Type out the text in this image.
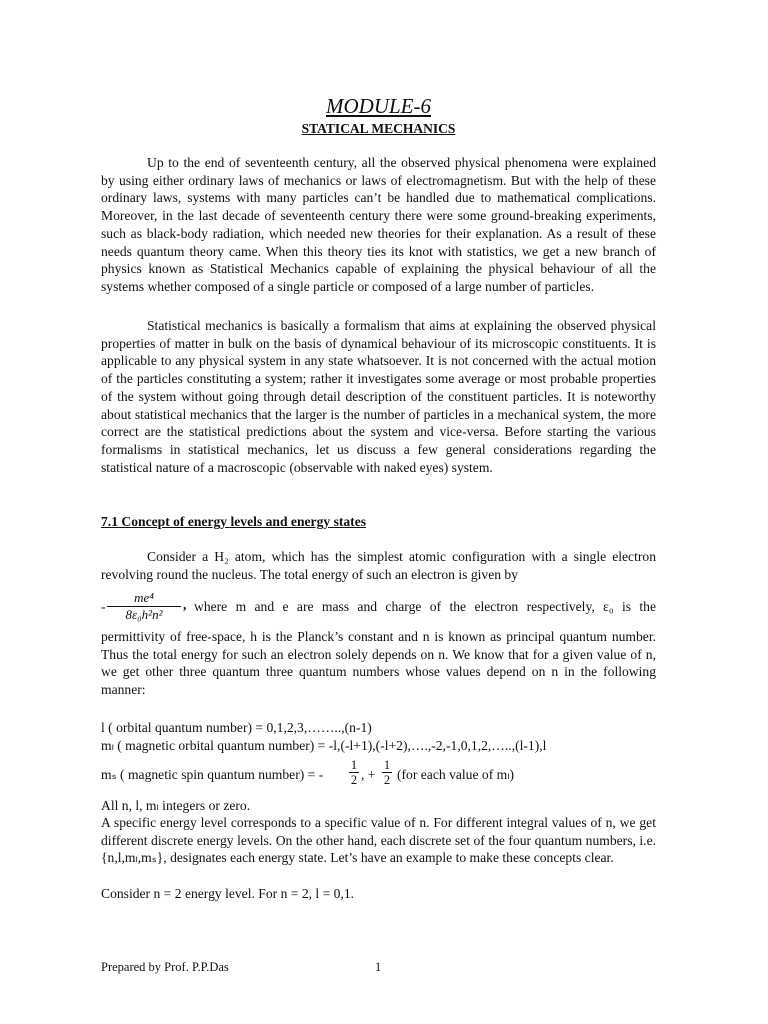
MODULE-6
STATICAL MECHANICS

Up to the end of seventeenth century, all the observed physical phenomena were explained by using either ordinary laws of mechanics or laws of electromagnetism. But with the help of these ordinary laws, systems with many particles can’t be handled due to mathematical complications. Moreover, in the last decade of seventeenth century there were some ground-breaking experiments, such as black-body radiation, which needed new theories for their explanation. As a result of these needs quantum theory came. When this theory ties its knot with statistics, we get a new branch of physics known as Statistical Mechanics capable of explaining the physical behaviour of all the systems whether composed of a single particle or composed of a large number of particles.

Statistical mechanics is basically a formalism that aims at explaining the observed physical properties of matter in bulk on the basis of dynamical behaviour of its microscopic constituents. It is applicable to any physical system in any state whatsoever. It is not concerned with the actual motion of the particles constituting a system; rather it investigates some average or most probable properties of the system without going through detail description of the constituent particles. It is noteworthy about statistical mechanics that the larger is the number of particles in a mechanical system, the more correct are the statistical predictions about the system and vice-versa. Before starting the various formalisms in statistical mechanics, let us discuss a few general considerations regarding the statistical nature of a macroscopic (observable with naked eyes) system.

7.1 Concept of energy levels and energy states

Consider a H₂ atom, which has the simplest atomic configuration with a single electron revolving round the nucleus. The total energy of such an electron is given by

-
me⁴
8ε₀h²n²
, where m and e are mass and charge of the electron respectively, ε₀ is the

permittivity of free-space, h is the Planck’s constant and n is known as principal quantum number. Thus the total energy for such an electron solely depends on n. We know that for a given value of n, we get other three quantum three quantum numbers whose values depend on n in the following manner:

l ( orbital quantum number) = 0,1,2,3,……..,(n-1)
mₗ ( magnetic orbital quantum number) = -l,(-l+1),(-l+2),….,-2,-1,0,1,2,…..,(l-1),l
mₛ ( magnetic spin quantum number) = -
1
2 , +
1
2 (for each value of mₗ)
All n, l, mₗ integers or zero.

A specific energy level corresponds to a specific value of n. For different integral values of n, we get different discrete energy levels. On the other hand, each discrete set of the four quantum numbers, i.e. {n,l,mₗ,mₛ}, designates each energy state. Let’s have an example to make these concepts clear.

Consider n = 2 energy level. For n = 2, l = 0,1.
Prepared by Prof. P.P.Das	1
